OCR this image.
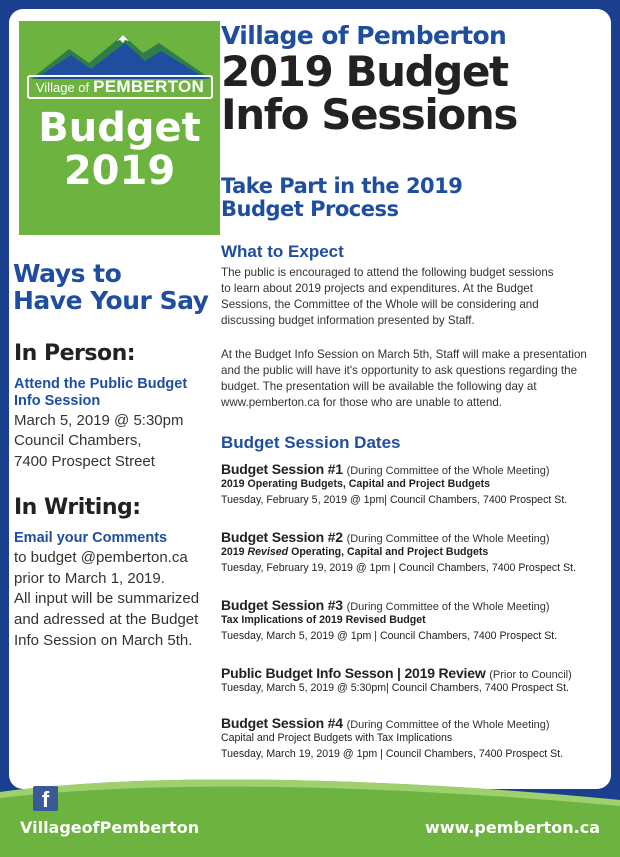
Village of PEMBERTON
Budget
2019
Ways to
Have Your Say
In Person:
Attend the Public Budget
Info Session
March 5, 2019 @ 5:30pm
Council Chambers,
7400 Prospect Street
In Writing:
Email your Comments
to budget @pemberton.ca
prior to March 1, 2019.
All input will be summarized
and adressed at the Budget
Info Session on March 5th.
Village of Pemberton
2019 Budget
Info Sessions
Take Part in the 2019
Budget Process
What to Expect
The public is encouraged to attend the following budget sessions
to learn about 2019 projects and expenditures. At the Budget
Sessions, the Committee of the Whole will be considering and
discussing budget information presented by Staff.
At the Budget Info Session on March 5th, Staff will make a presentation
and the public will have it's opportunity to ask questions regarding the
budget. The presentation will be available the following day at
www.pemberton.ca for those who are unable to attend.
Budget Session Dates
Budget Session #1 (During Committee of the Whole Meeting)
2019 Operating Budgets, Capital and Project Budgets
Tuesday, February 5, 2019 @ 1pm| Council Chambers, 7400 Prospect St.
Budget Session #2 (During Committee of the Whole Meeting)
2019 Revised Operating, Capital and Project Budgets
Tuesday, February 19, 2019 @ 1pm | Council Chambers, 7400 Prospect St.
Budget Session #3 (During Committee of the Whole Meeting)
Tax Implications of 2019 Revised Budget
Tuesday, March 5, 2019 @ 1pm | Council Chambers, 7400 Prospect St.
Public Budget Info Sesson | 2019 Review (Prior to Council)
Tuesday, March 5, 2019 @ 5:30pm| Council Chambers, 7400 Prospect St.
Budget Session #4 (During Committee of the Whole Meeting)
Capital and Project Budgets with Tax Implications
Tuesday, March 19, 2019 @ 1pm | Council Chambers, 7400 Prospect St.
f
VillageofPemberton	www.pemberton.ca
